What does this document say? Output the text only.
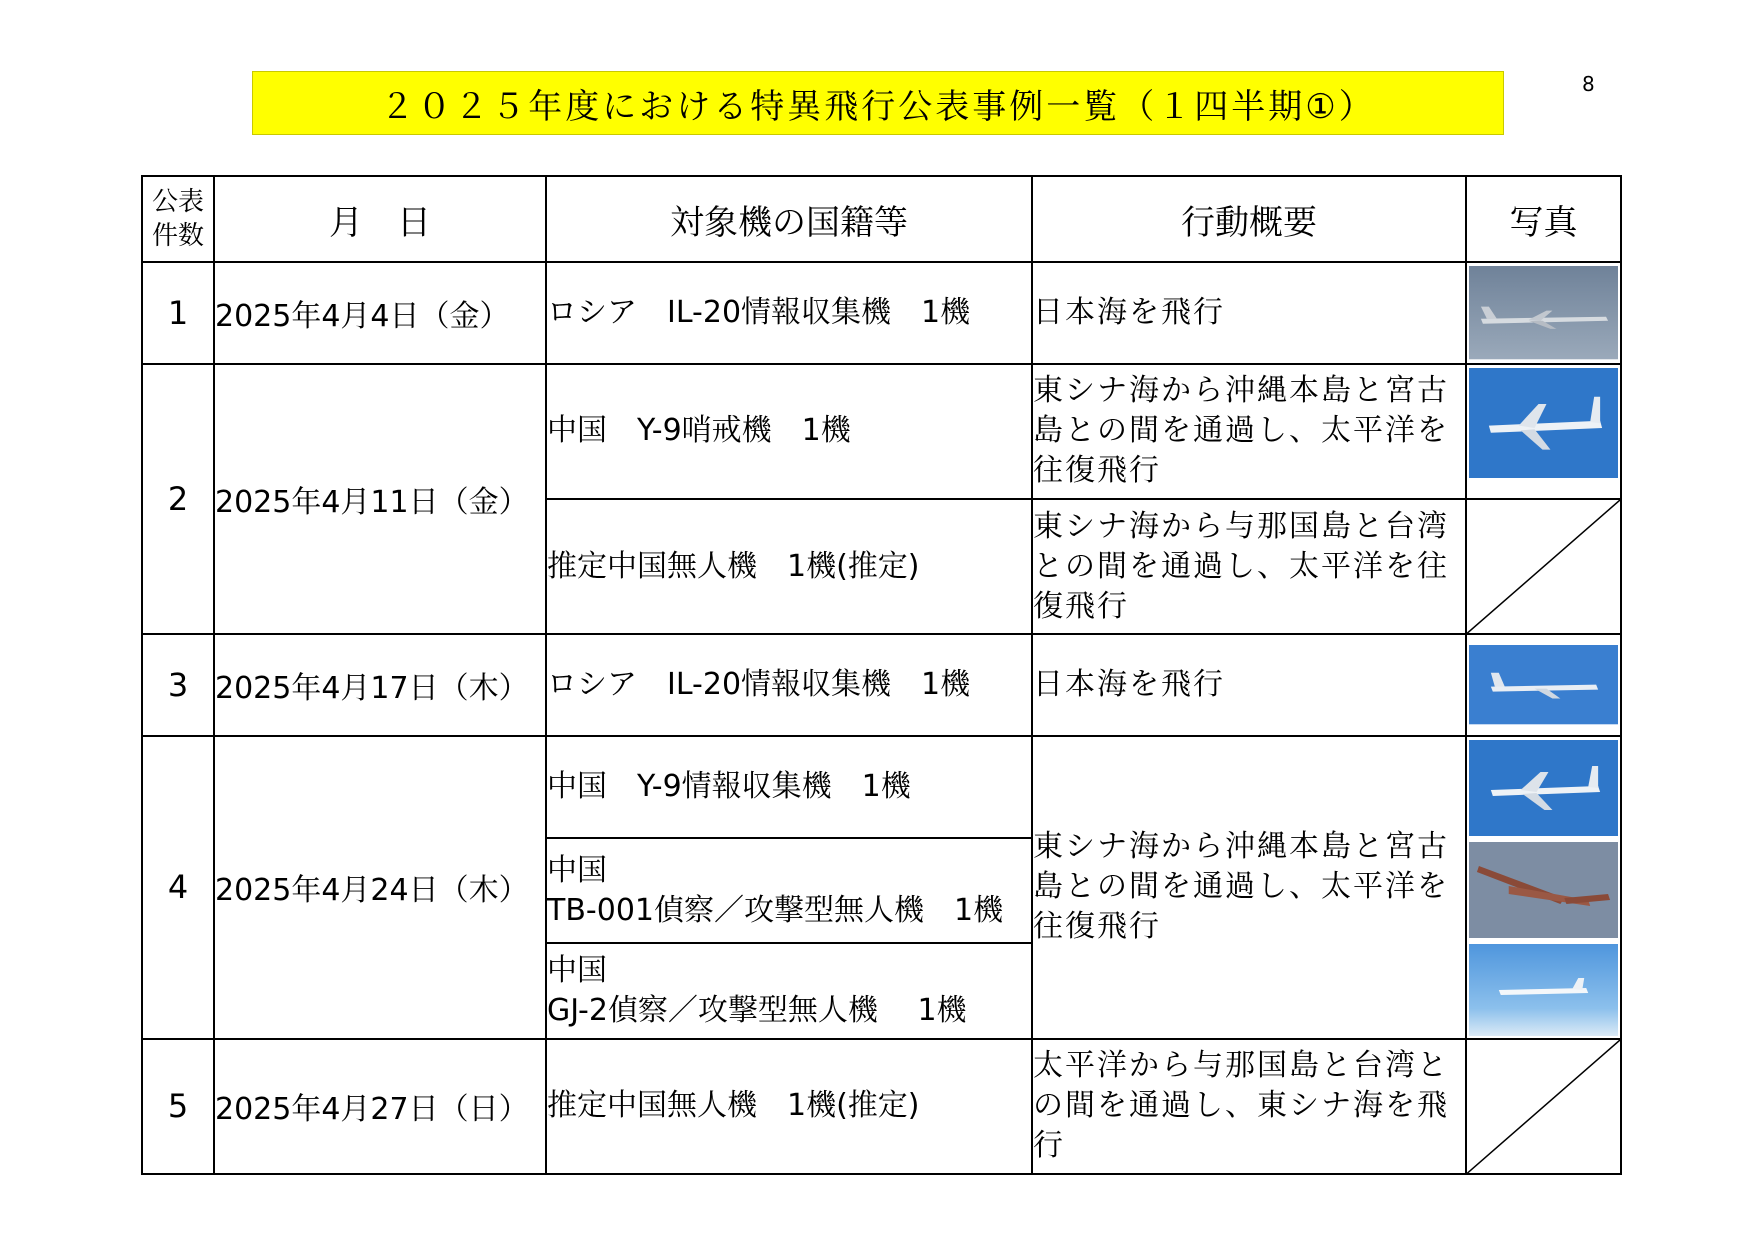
8
２０２５年度における特異飛行公表事例一覧（１四半期①）
公表件数	月　日	対象機の国籍等	行動概要	写真
1	2025年4月4日（金）	ロシア　IL-20情報収集機　1機	日本海を飛行	

2	2025年4月11日（金）	中国　Y-9哨戒機　1機	東シナ海から沖縄本島と宮古島との間を通過し、太平洋を往復飛行	

		推定中国無人機　1機(推定)	東シナ海から与那国島と台湾との間を通過し、太平洋を往復飛行	

3	2025年4月17日（木）	ロシア　IL-20情報収集機　1機	日本海を飛行	

4	2025年4月24日（木）	中国　Y-9情報収集機　1機	東シナ海から沖縄本島と宮古島との間を通過し、太平洋を往復飛行	

		中国
TB-001偵察／攻撃型無人機　1機		

		中国
GJ-2偵察／攻撃型無人機　 1機		

5	2025年4月27日（日）	推定中国無人機　1機(推定)	太平洋から与那国島と台湾との間を通過し、東シナ海を飛行	
